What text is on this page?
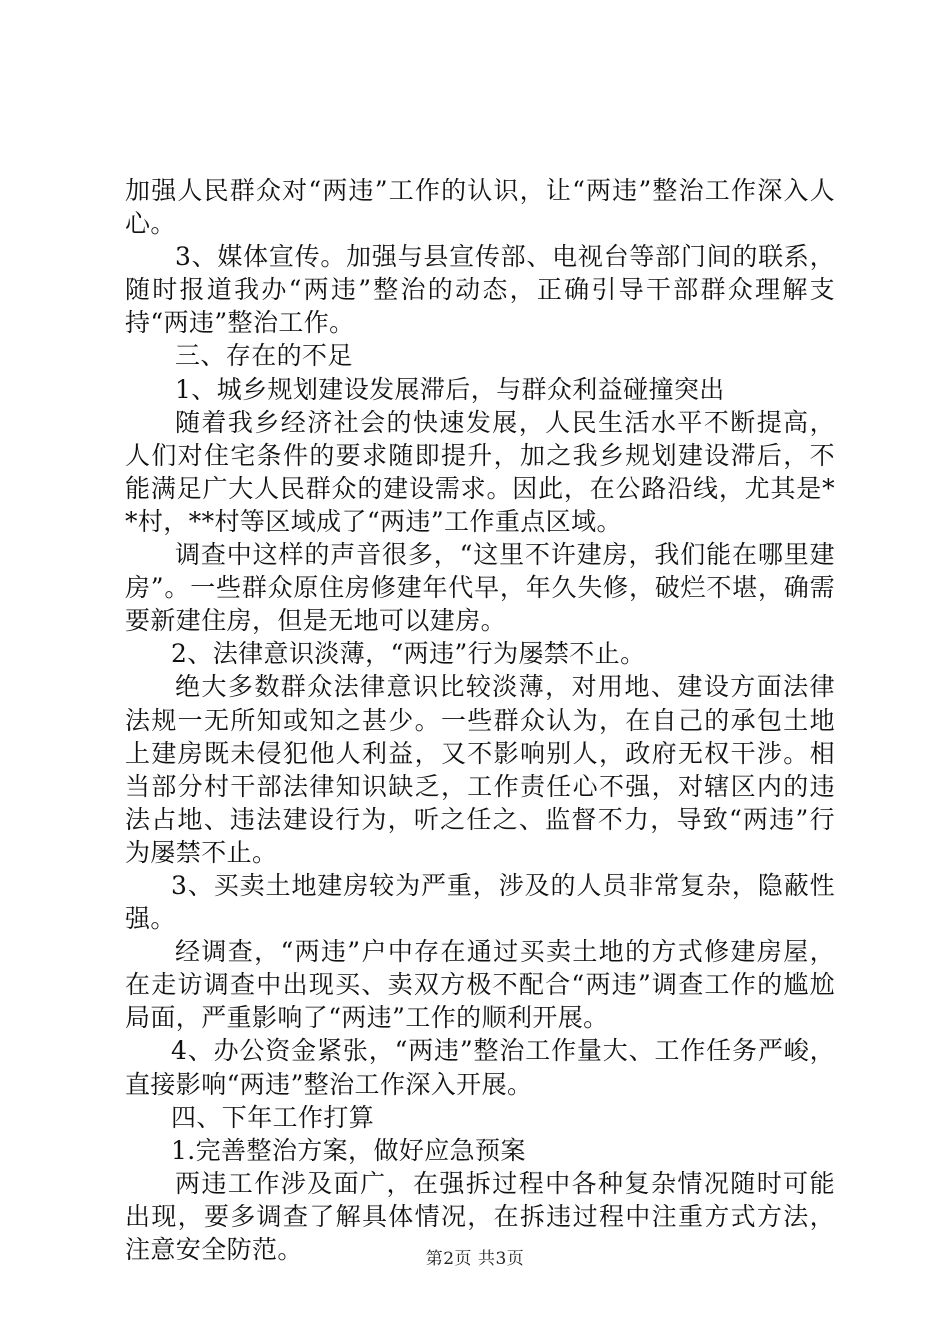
加强人民群众对“两违”工作的认识，让“两违”整治工作深入人心。

3、媒体宣传。加强与县宣传部、电视台等部门间的联系，随时报道我办“两违”整治的动态，正确引导干部群众理解支持“两违”整治工作。

三、存在的不足

1、城乡规划建设发展滞后，与群众利益碰撞突出

随着我乡经济社会的快速发展，人民生活水平不断提高，人们对住宅条件的要求随即提升，加之我乡规划建设滞后，不能满足广大人民群众的建设需求。因此，在公路沿线，尤其是**村，**村等区域成了“两违”工作重点区域。

调查中这样的声音很多，“这里不许建房，我们能在哪里建房”。一些群众原住房修建年代早，年久失修，破烂不堪，确需要新建住房，但是无地可以建房。

2、法律意识淡薄，“两违”行为屡禁不止。

绝大多数群众法律意识比较淡薄，对用地、建设方面法律法规一无所知或知之甚少。一些群众认为，在自己的承包土地上建房既未侵犯他人利益，又不影响别人，政府无权干涉。相当部分村干部法律知识缺乏，工作责任心不强，对辖区内的违法占地、违法建设行为，听之任之、监督不力，导致“两违”行为屡禁不止。

3、买卖土地建房较为严重，涉及的人员非常复杂，隐蔽性强。

经调查，“两违”户中存在通过买卖土地的方式修建房屋，在走访调查中出现买、卖双方极不配合“两违”调查工作的尴尬局面，严重影响了“两违”工作的顺利开展。

4、办公资金紧张，“两违”整治工作量大、工作任务严峻，直接影响“两违”整治工作深入开展。

四、下年工作打算

1.完善整治方案，做好应急预案

两违工作涉及面广，在强拆过程中各种复杂情况随时可能出现，要多调查了解具体情况，在拆违过程中注重方式方法，注意安全防范。	第2页 共3页
